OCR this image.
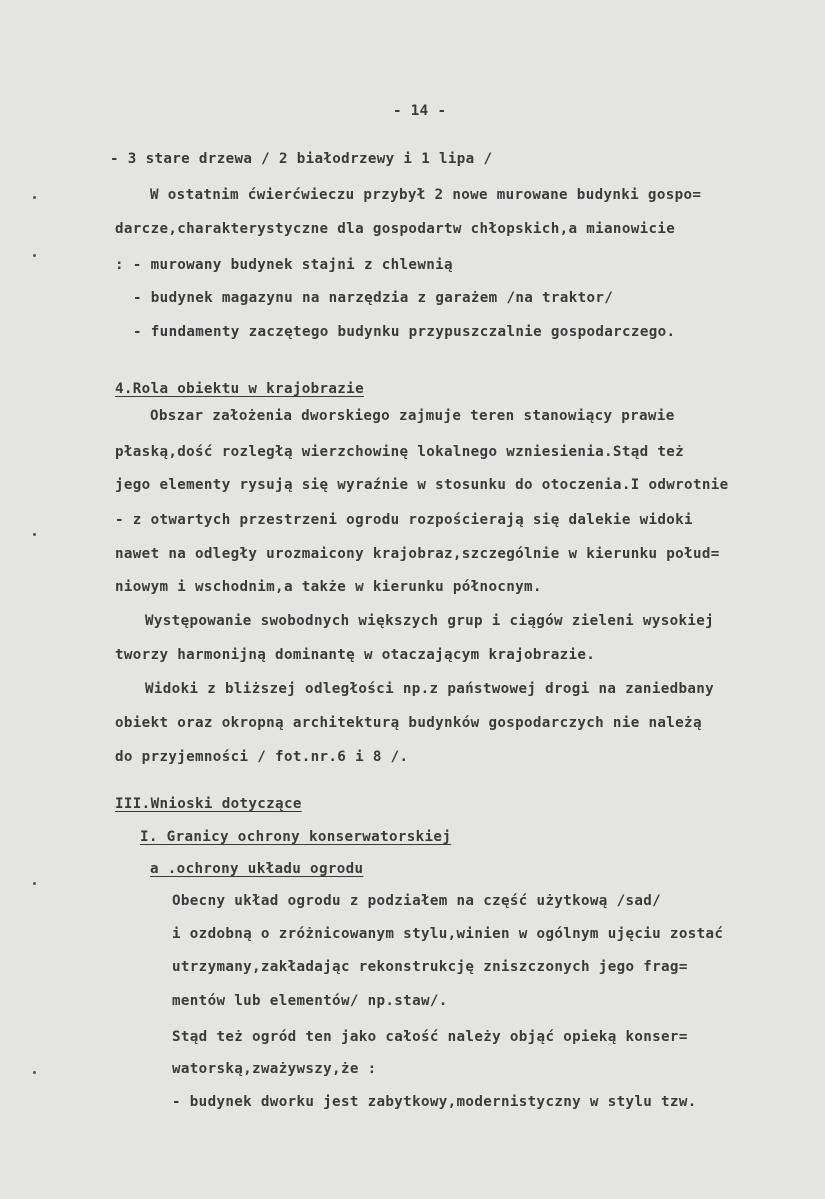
- 14 -
- 3 stare drzewa / 2 białodrzewy i 1 lipa /
W ostatnim ćwierćwieczu przybył 2 nowe murowane budynki gospo=
darcze,charakterystyczne dla gospodartw chłopskich,a mianowicie
: - murowany budynek stajni z chlewnią
- budynek magazynu na narzędzia z garażem /na traktor/
- fundamenty zaczętego budynku przypuszczalnie gospodarczego.
4.Rola obiektu w krajobrazie
Obszar założenia dworskiego zajmuje teren stanowiący prawie
płaską,dość rozległą wierzchowinę lokalnego wzniesienia.Stąd też
jego elementy rysują się wyraźnie w stosunku do otoczenia.I odwrotnie
- z otwartych przestrzeni ogrodu rozpościerają się dalekie widoki
nawet na odległy urozmaicony krajobraz,szczególnie w kierunku połud=
niowym i wschodnim,a także w kierunku północnym.
Występowanie swobodnych większych grup i ciągów zieleni wysokiej
tworzy harmonijną dominantę w otaczającym krajobrazie.
Widoki z bliższej odległości np.z państwowej drogi na zaniedbany
obiekt oraz okropną architekturą budynków gospodarczych nie należą
do przyjemności / fot.nr.6 i 8 /.
III.Wnioski dotyczące
I. Granicy ochrony konserwatorskiej
a .ochrony układu ogrodu
Obecny układ ogrodu z podziałem na część użytkową /sad/
i ozdobną o zróżnicowanym stylu,winien w ogólnym ujęciu zostać
utrzymany,zakładając rekonstrukcję zniszczonych jego frag=
mentów lub elementów/ np.staw/.
Stąd też ogród ten jako całość należy objąć opieką konser=
watorską,zważywszy,że :
- budynek dworku jest zabytkowy,modernistyczny w stylu tzw.
